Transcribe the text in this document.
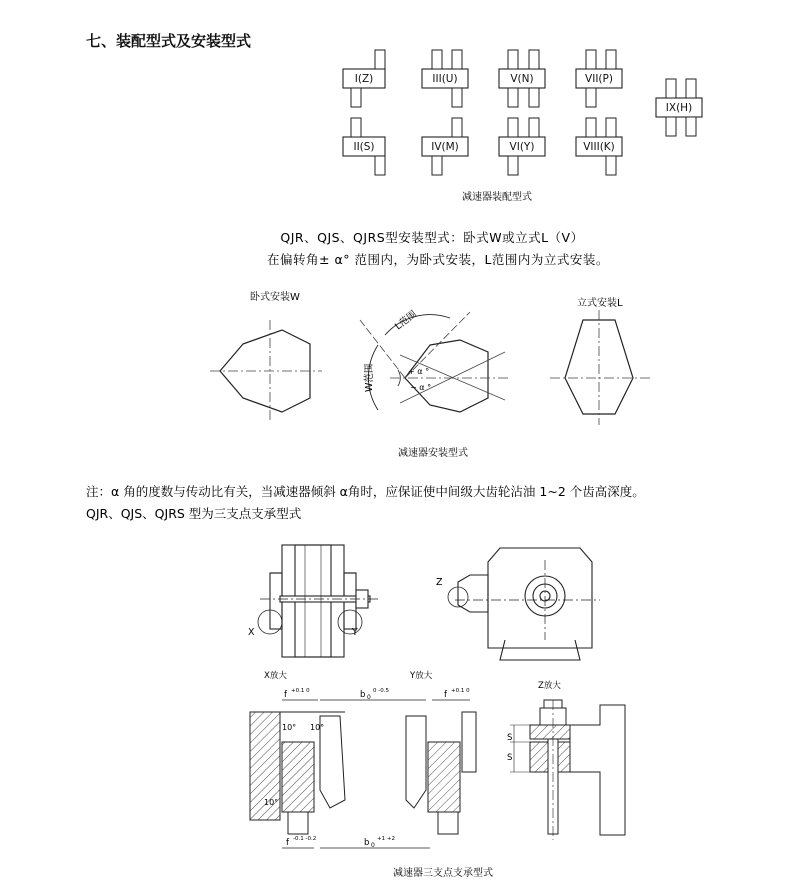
七、装配型式及安装型式
I(Z)	III(U)	V(N)	VII(P)
II(S)	IV(M)	VI(Y)	VIII(K)
IX(H)
减速器装配型式
QJR、QJS、QJRS型安装型式：卧式W或立式L（V）
在偏转角± α° 范围内，为卧式安装，L范围内为立式安装。
卧式安装W
立式安装L
L范围
W范围	+ α °
− α °
减速器安装型式
注：α 角的度数与传动比有关，当减速器倾斜 α角时，应保证使中间级大齿轮沾油 1~2 个齿高深度。
QJR、QJS、QJRS 型为三支点支承型式
X	Y
Z
X放大	Y放大
Z放大
f +0.1 0	b 0
0 -0.5	f +0.1 0
10° 10°
10°
f -0.1 -0.2	b 0
+1 +2
S
S
减速器三支点支承型式
